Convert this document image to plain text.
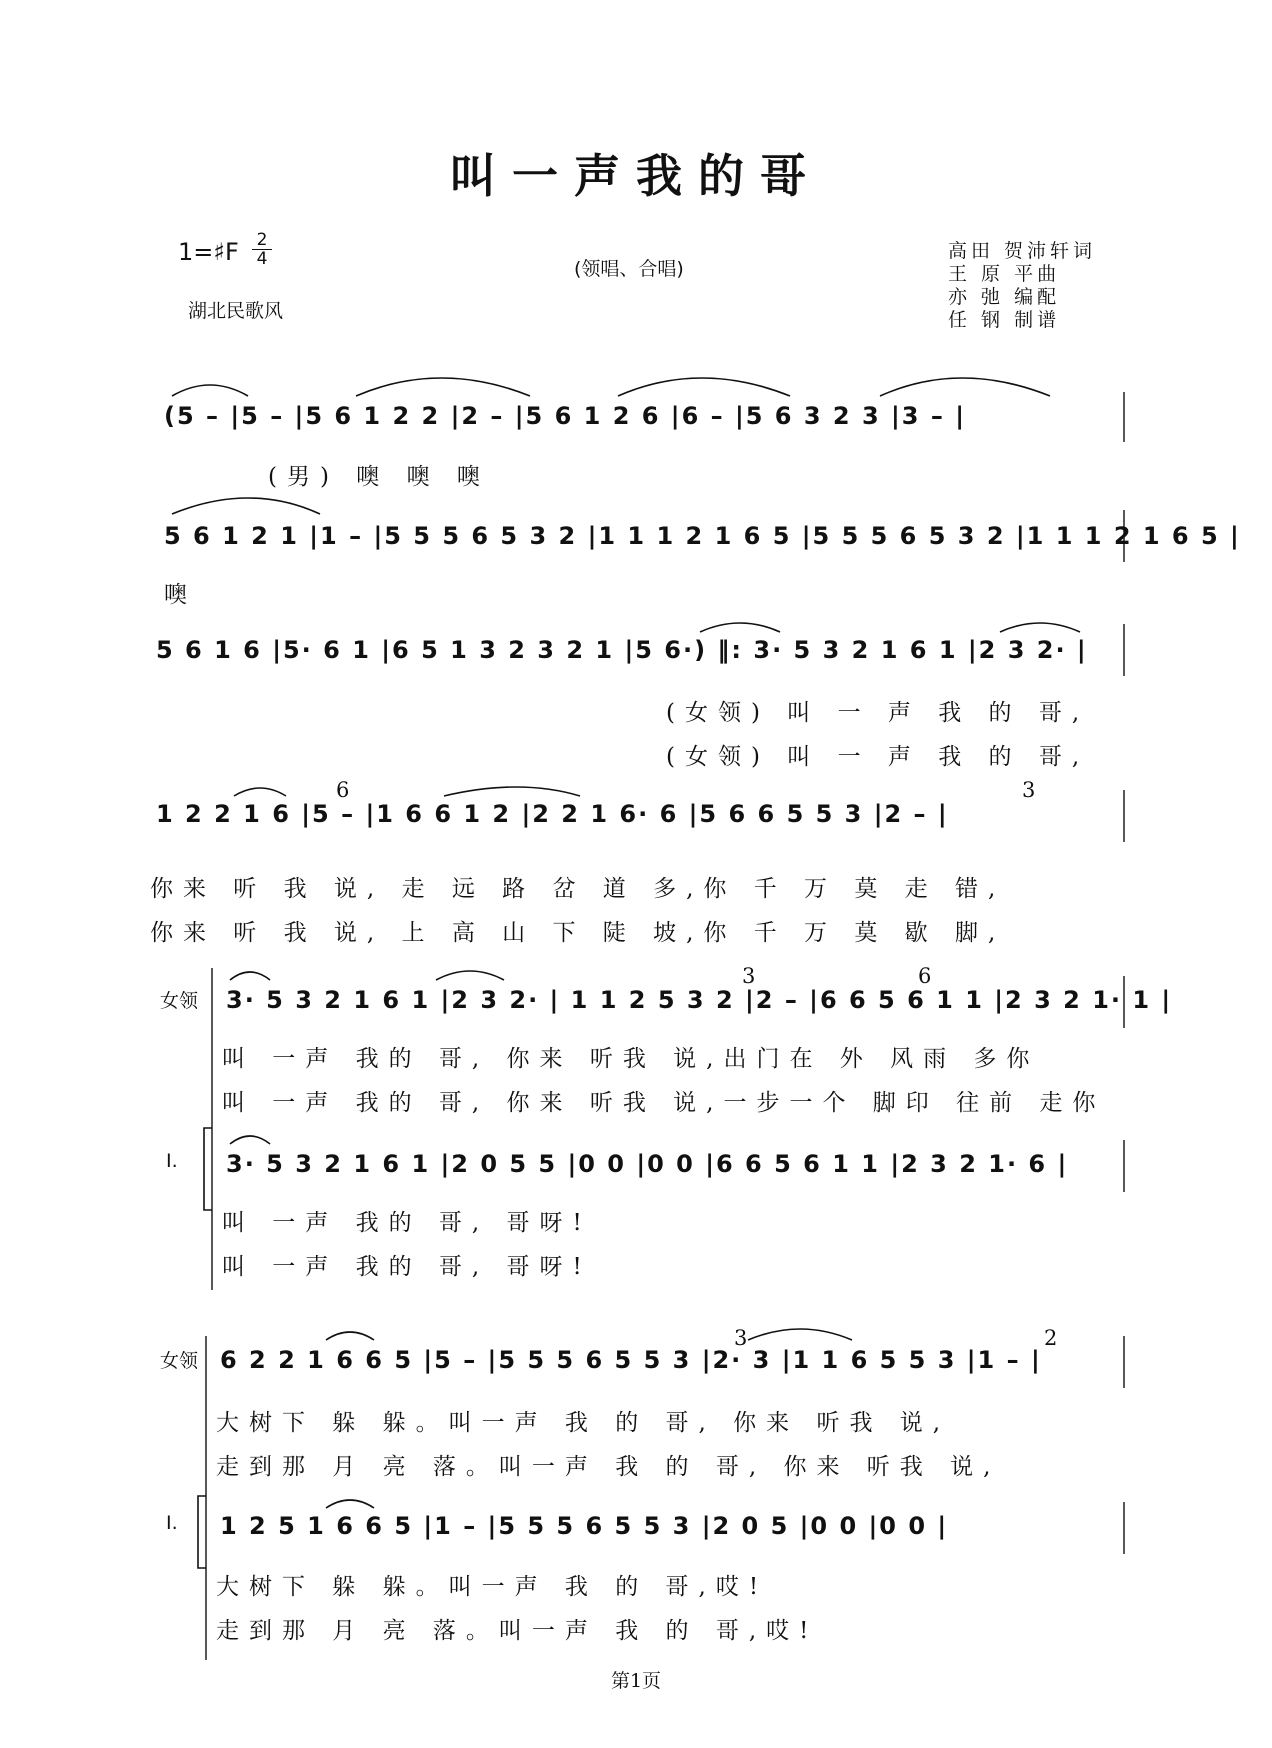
叫一声我的哥
1=♯F 2
4
湖北民歌风
(领唱、合唱)
高田 贺沛轩词
王 原 平曲
亦 弛 编配
任 钢 制谱
(5 – |5 – |5 6 1 2 2 |2 – |5 6 1 2 6 |6 – |5 6 3 2 3 |3 – |
(男) 噢 噢 噢
5 6 1 2 1 |1 – |5 5 5 6 5 3 2 |1 1 1 2 1 6 5 |5 5 5 6 5 3 2 |1 1 1 2 1 6 5 |
噢
5 6 1 6 |5· 6 1 |6 5 1 3 2 3 2 1 |5 6·) ‖: 3· 5 3 2 1 6 1 |2 3 2· |
(女领) 叫 一 声 我 的 哥,
(女领) 叫 一 声 我 的 哥,
1 2 2 1 6 |5 – |1 6 6 1 2 |2 2 1 6· 6 |5 6 6 5 5 3 |2 – |
你来 听 我 说, 走 远 路 岔 道 多,你 千 万 莫 走 错,
你来 听 我 说, 上 高 山 下 陡 坡,你 千 万 莫 歇 脚,
女领 3· 5 3 2 1 6 1 |2 3 2· | 1 1 2 5 3 2 |2 – |6 6 5 6 1 1 |2 3 2 1· 1 |
叫 一声 我的 哥, 你来 听我 说,出门在 外 风雨 多你
叫 一声 我的 哥, 你来 听我 说,一步一个 脚印 往前 走你
I. 3· 5 3 2 1 6 1 |2 0 5 5 |0 0 |0 0 |6 6 5 6 1 1 |2 3 2 1· 6 |
叫 一声 我的 哥, 哥呀!
叫 一声 我的 哥, 哥呀!
女领 6 2 2 1 6 6 5 |5 – |5 5 5 6 5 5 3 |2· 3 |1 1 6 5 5 3 |1 – |
大树下 躲 躲。叫一声 我 的 哥, 你来 听我 说,
走到那 月 亮 落。叫一声 我 的 哥, 你来 听我 说,
I. 1 2 5 1 6 6 5 |1 – |5 5 5 6 5 5 3 |2 0 5 |0 0 |0 0 |
大树下 躲 躲。叫一声 我 的 哥,哎!
走到那 月 亮 落。叫一声 我 的 哥,哎!
6	3
3	6
3	2
第1页
